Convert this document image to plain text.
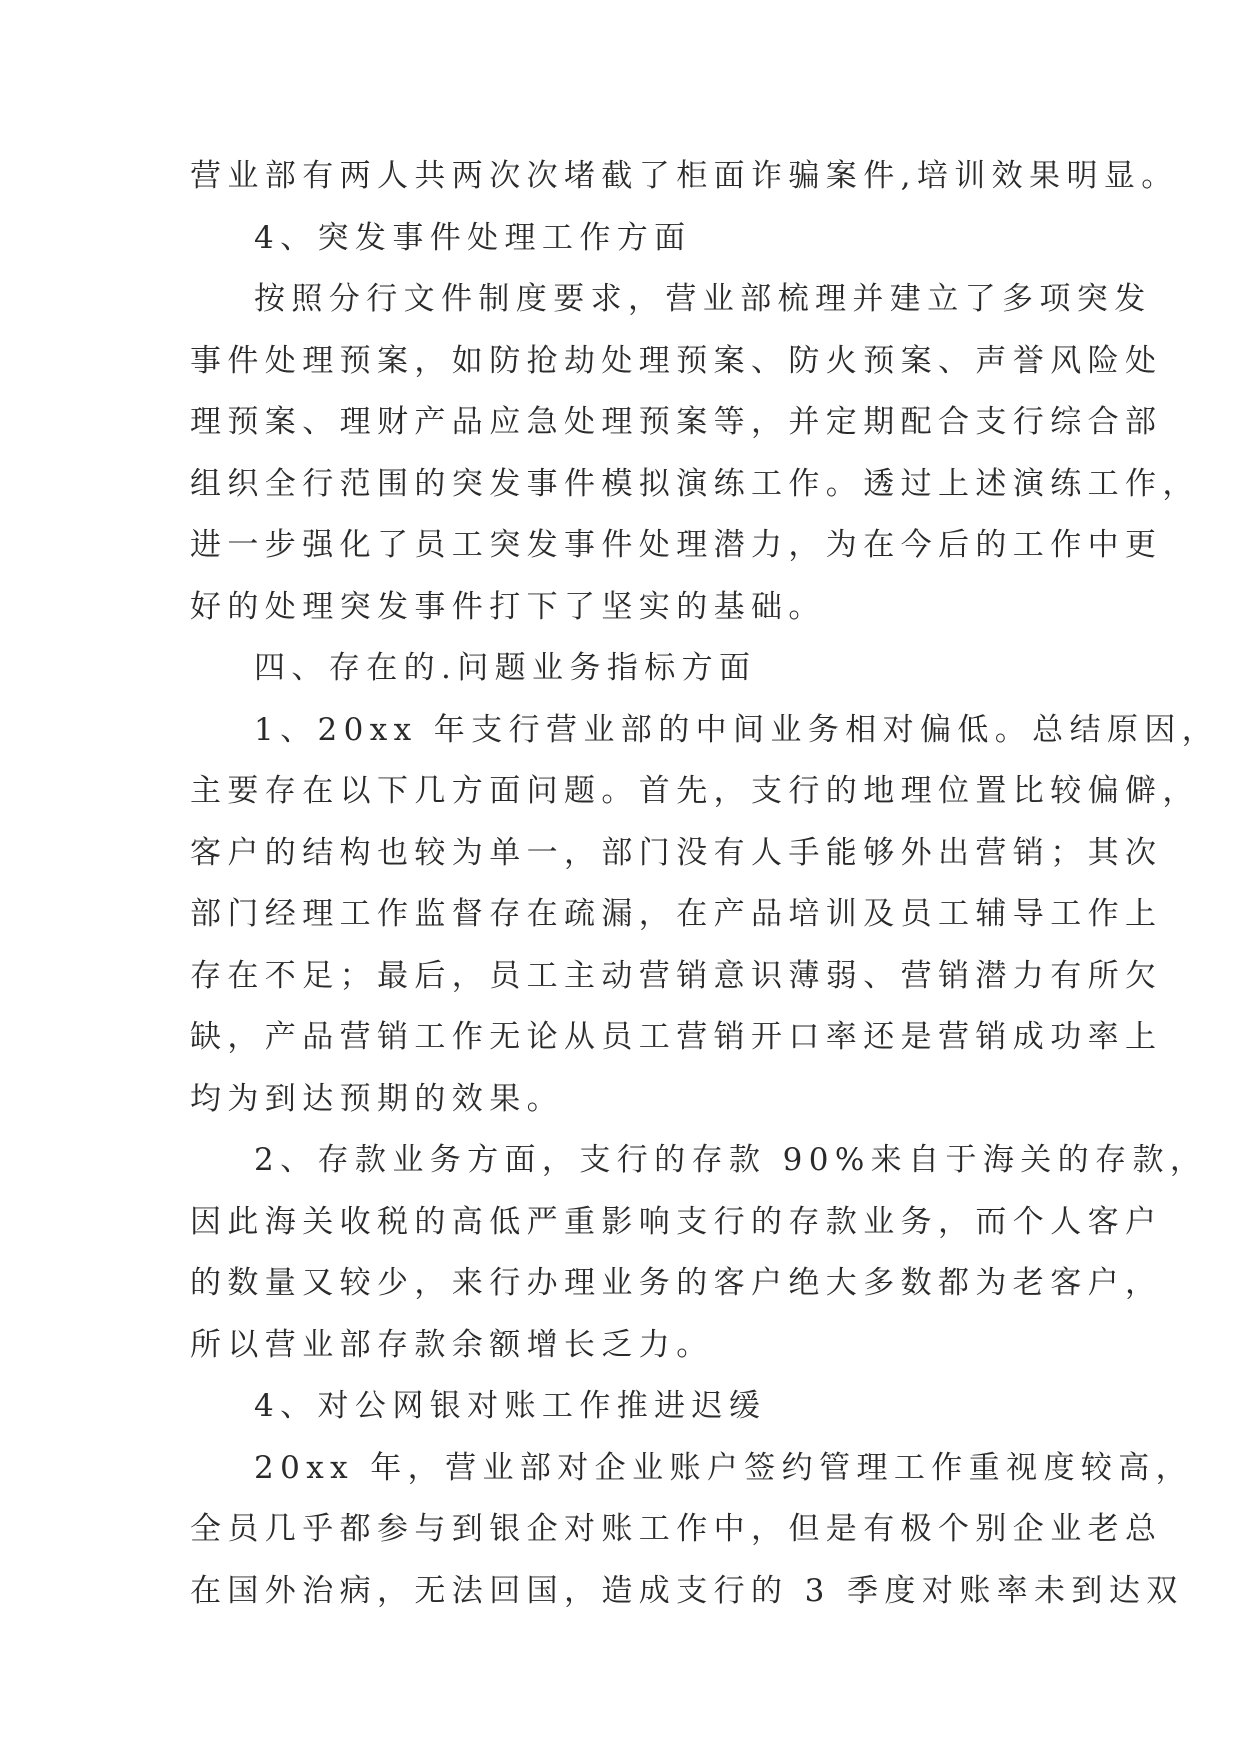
营业部有两人共两次次堵截了柜面诈骗案件,培训效果明显。
4、突发事件处理工作方面
按照分行文件制度要求，营业部梳理并建立了多项突发
事件处理预案，如防抢劫处理预案、防火预案、声誉风险处
理预案、理财产品应急处理预案等，并定期配合支行综合部
组织全行范围的突发事件模拟演练工作。透过上述演练工作，
进一步强化了员工突发事件处理潜力，为在今后的工作中更
好的处理突发事件打下了坚实的基础。
四、存在的.问题业务指标方面
1、20xx 年支行营业部的中间业务相对偏低。总结原因，
主要存在以下几方面问题。首先，支行的地理位置比较偏僻，
客户的结构也较为单一，部门没有人手能够外出营销；其次
部门经理工作监督存在疏漏，在产品培训及员工辅导工作上
存在不足；最后，员工主动营销意识薄弱、营销潜力有所欠
缺，产品营销工作无论从员工营销开口率还是营销成功率上
均为到达预期的效果。
2、存款业务方面，支行的存款 90%来自于海关的存款，
因此海关收税的高低严重影响支行的存款业务，而个人客户
的数量又较少，来行办理业务的客户绝大多数都为老客户，
所以营业部存款余额增长乏力。
4、对公网银对账工作推进迟缓
20xx 年，营业部对企业账户签约管理工作重视度较高，
全员几乎都参与到银企对账工作中，但是有极个别企业老总
在国外治病，无法回国，造成支行的 3 季度对账率未到达双
